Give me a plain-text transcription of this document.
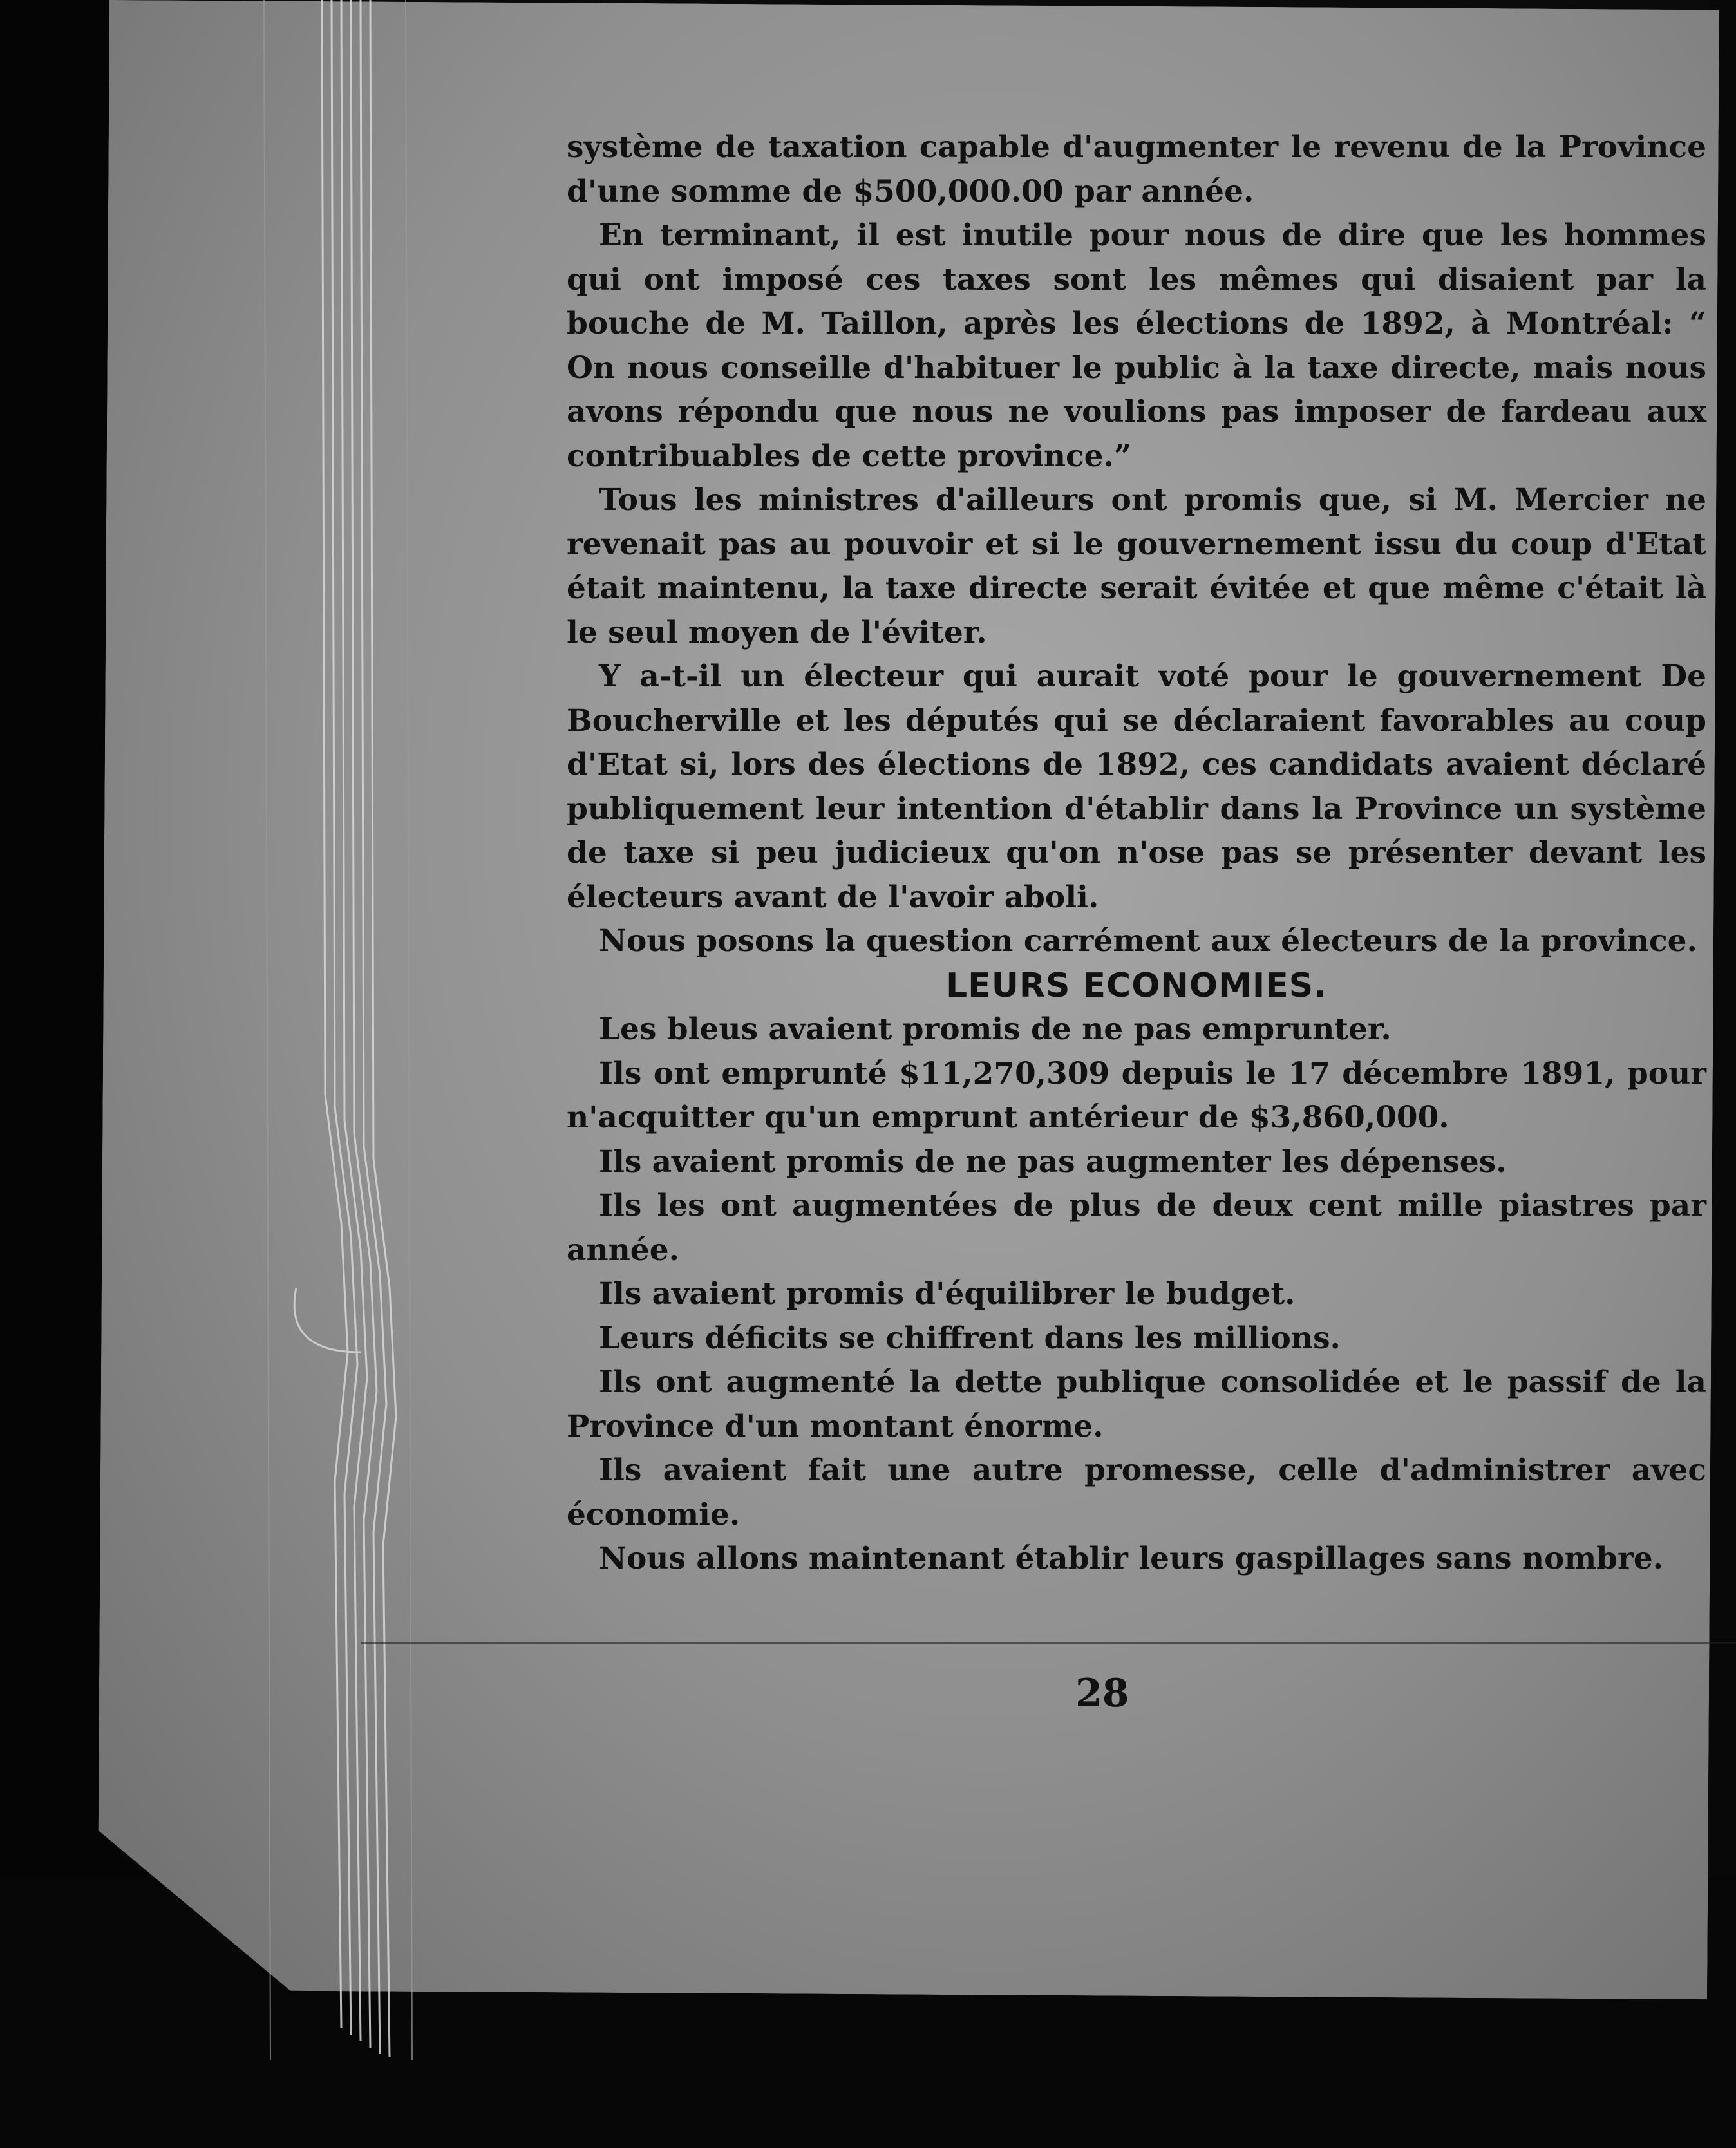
système de taxation capable d'augmenter le revenu de la Province d'une somme de $500,000.00 par année.

En terminant, il est inutile pour nous de dire que les hommes qui ont imposé ces taxes sont les mêmes qui disaient par la bouche de M. Taillon, après les élections de 1892, à Montréal: “ On nous conseille d'habituer le public à la taxe directe, mais nous avons répondu que nous ne voulions pas imposer de fardeau aux contribuables de cette province.”

Tous les ministres d'ailleurs ont promis que, si M. Mercier ne revenait pas au pouvoir et si le gouvernement issu du coup d'Etat était maintenu, la taxe directe serait évitée et que même c'était là le seul moyen de l'éviter.

Y a-t-il un électeur qui aurait voté pour le gouvernement De Boucherville et les députés qui se déclaraient favorables au coup d'Etat si, lors des élections de 1892, ces candidats avaient déclaré publiquement leur intention d'établir dans la Province un système de taxe si peu judicieux qu'on n'ose pas se présenter devant les électeurs avant de l'avoir aboli.

Nous posons la question carrément aux électeurs de la province.

LEURS ECONOMIES.

Les bleus avaient promis de ne pas emprunter.

Ils ont emprunté $11,270,309 depuis le 17 décembre 1891, pour n'acquitter qu'un emprunt antérieur de $3,860,000.

Ils avaient promis de ne pas augmenter les dépenses.

Ils les ont augmentées de plus de deux cent mille piastres par année.

Ils avaient promis d'équilibrer le budget.

Leurs déficits se chiffrent dans les millions.

Ils ont augmenté la dette publique consolidée et le passif de la Province d'un montant énorme.

Ils avaient fait une autre promesse, celle d'administrer avec économie.

Nous allons maintenant établir leurs gaspillages sans nombre.

28
